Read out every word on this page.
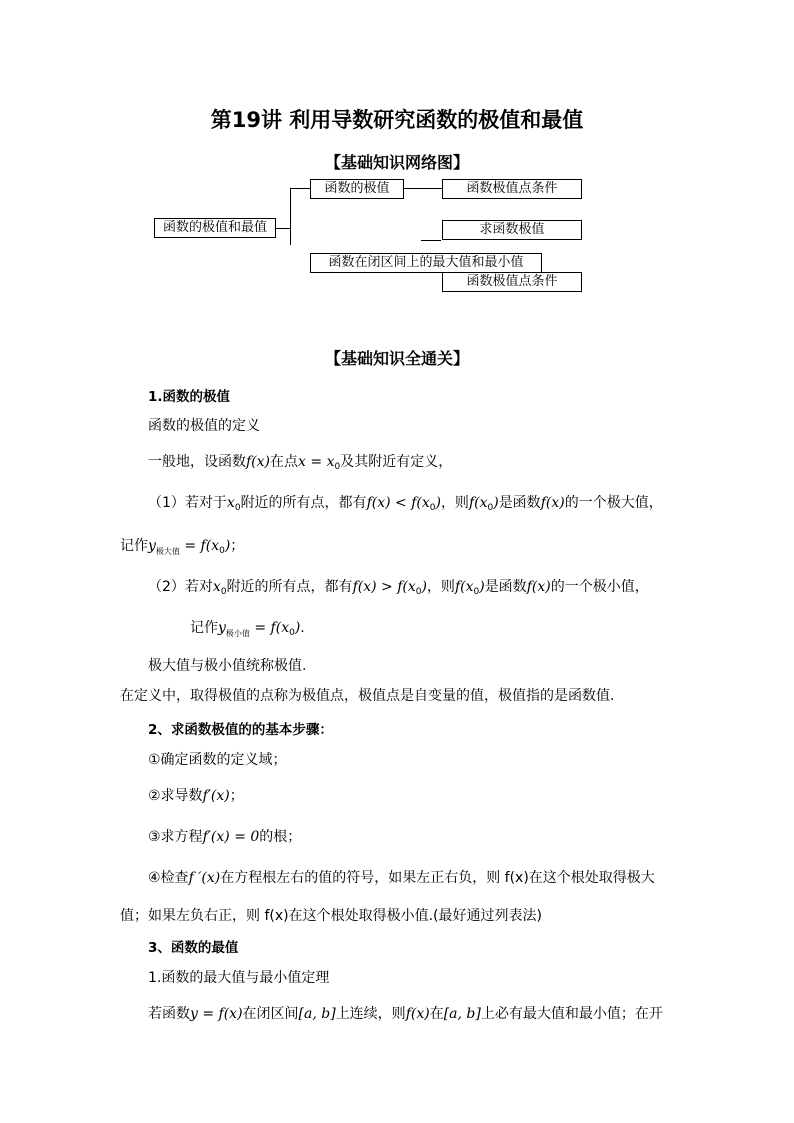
第19讲 利用导数研究函数的极值和最值
【基础知识网络图】
函数的极值和最值
函数的极值	函数极值点条件
求函数极值
函数在闭区间上的最大值和最小值
函数极值点条件
【基础知识全通关】
1.函数的极值
函数的极值的定义
一般地，设函数f(x)在点$x = x_0$及其附近有定义，
（1）若对于$x_0$附近的所有点，都有$f(x) < f(x_0)$，则$f(x_0)$是函数f(x)的一个极大值，
记作$y_{极大值} = f(x_0)$；
（2）若对$x_0$附近的所有点，都有$f(x) > f(x_0)$，则$f(x_0)$是函数f(x)的一个极小值，
记作$y_{极小值} = f(x_0)$.
极大值与极小值统称极值.
在定义中，取得极值的点称为极值点，极值点是自变量的值，极值指的是函数值.
2、求函数极值的的基本步骤：
①确定函数的定义域；
②求导数f′(x)；
③求方程f′(x) = 0的根；
④检查f ′(x)在方程根左右的值的符号，如果左正右负，则 f(x)在这个根处取得极大
值；如果左负右正，则 f(x)在这个根处取得极小值.(最好通过列表法)
3、函数的最值
1.函数的最大值与最小值定理
若函数y = f(x)在闭区间[a, b]上连续，则f(x)在[a, b]上必有最大值和最小值；在开
